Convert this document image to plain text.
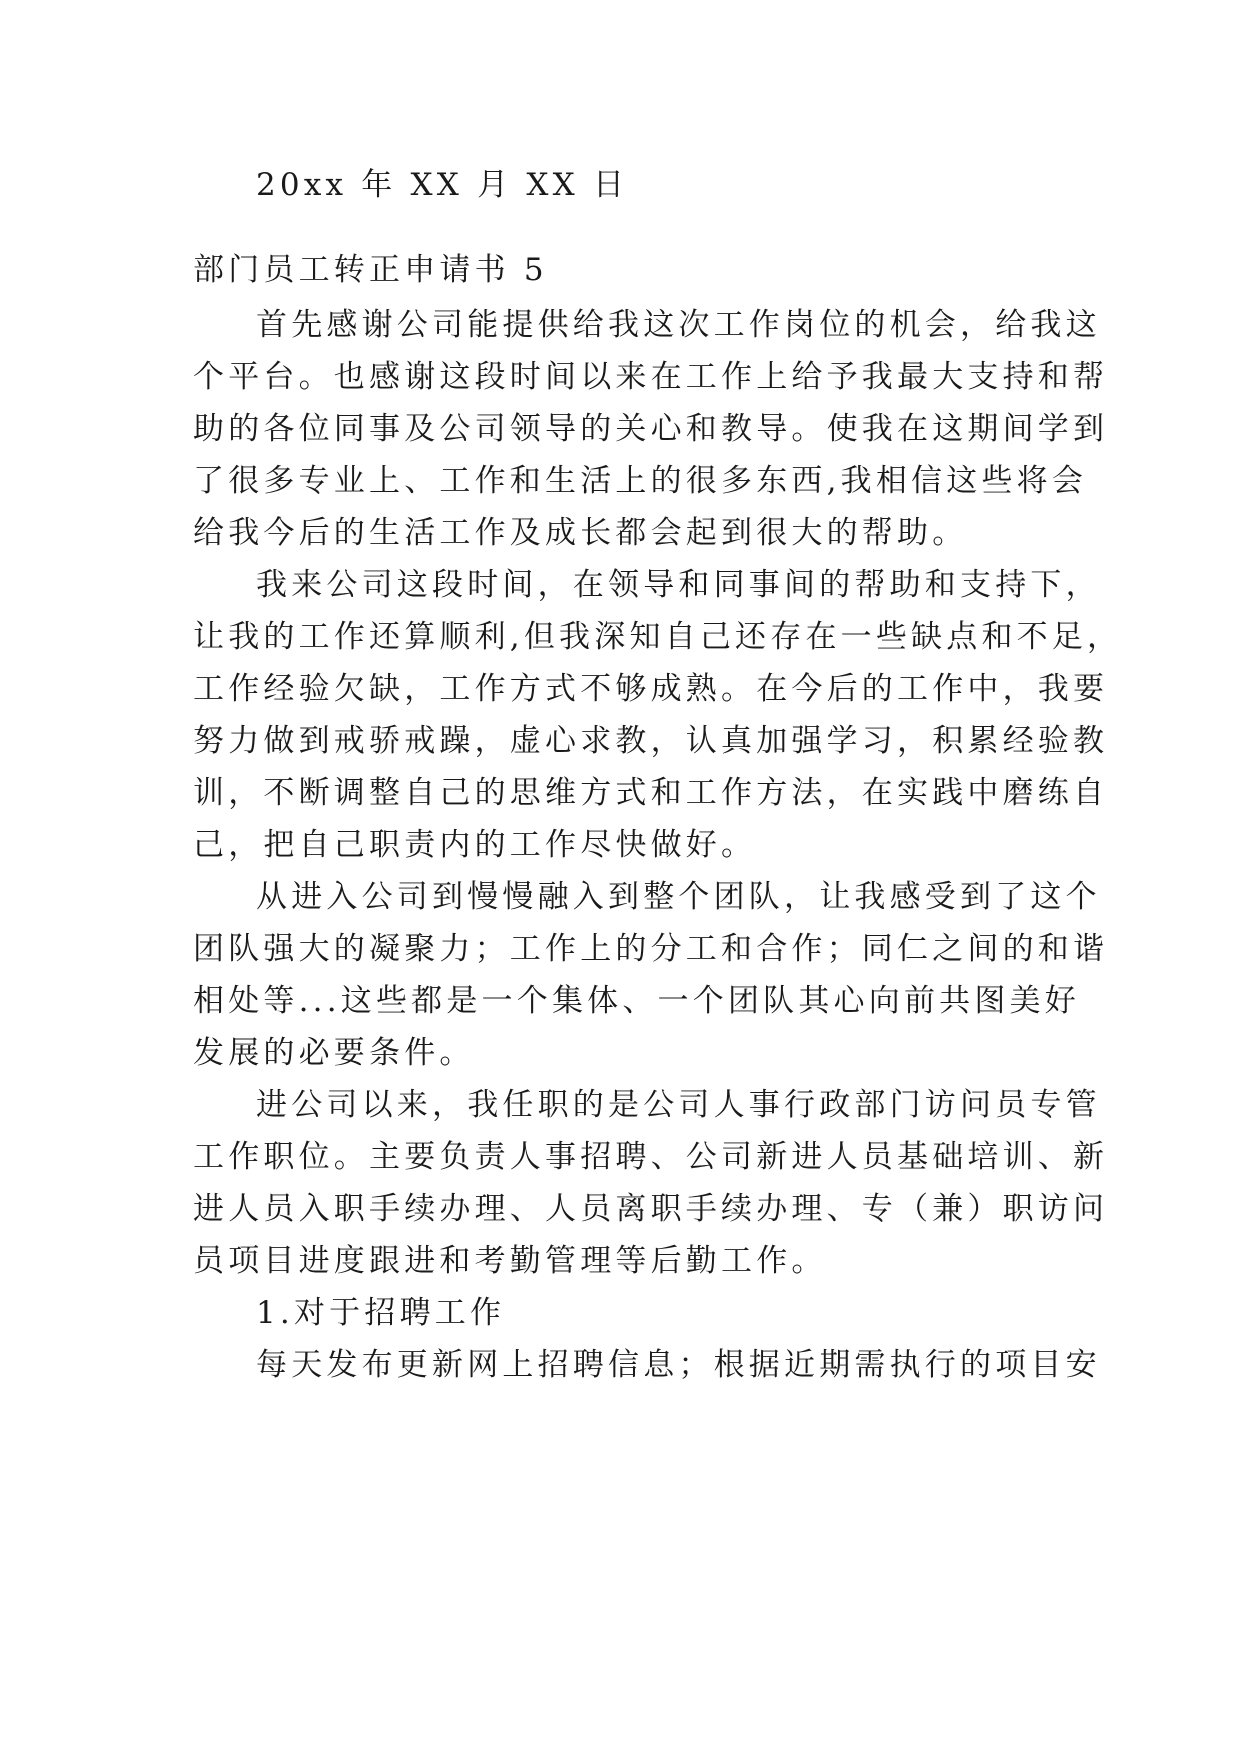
20xx 年 XX 月 XX 日
部门员工转正申请书 5
首先感谢公司能提供给我这次工作岗位的机会，给我这
个平台。也感谢这段时间以来在工作上给予我最大支持和帮
助的各位同事及公司领导的关心和教导。使我在这期间学到
了很多专业上、工作和生活上的很多东西,我相信这些将会
给我今后的生活工作及成长都会起到很大的帮助。
我来公司这段时间，在领导和同事间的帮助和支持下，
让我的工作还算顺利,但我深知自己还存在一些缺点和不足，
工作经验欠缺，工作方式不够成熟。在今后的工作中，我要
努力做到戒骄戒躁，虚心求教，认真加强学习，积累经验教
训，不断调整自己的思维方式和工作方法，在实践中磨练自
己，把自己职责内的工作尽快做好。
从进入公司到慢慢融入到整个团队，让我感受到了这个
团队强大的凝聚力；工作上的分工和合作；同仁之间的和谐
相处等...这些都是一个集体、一个团队其心向前共图美好
发展的必要条件。
进公司以来，我任职的是公司人事行政部门访问员专管
工作职位。主要负责人事招聘、公司新进人员基础培训、新
进人员入职手续办理、人员离职手续办理、专（兼）职访问
员项目进度跟进和考勤管理等后勤工作。
1.对于招聘工作
每天发布更新网上招聘信息；根据近期需执行的项目安
